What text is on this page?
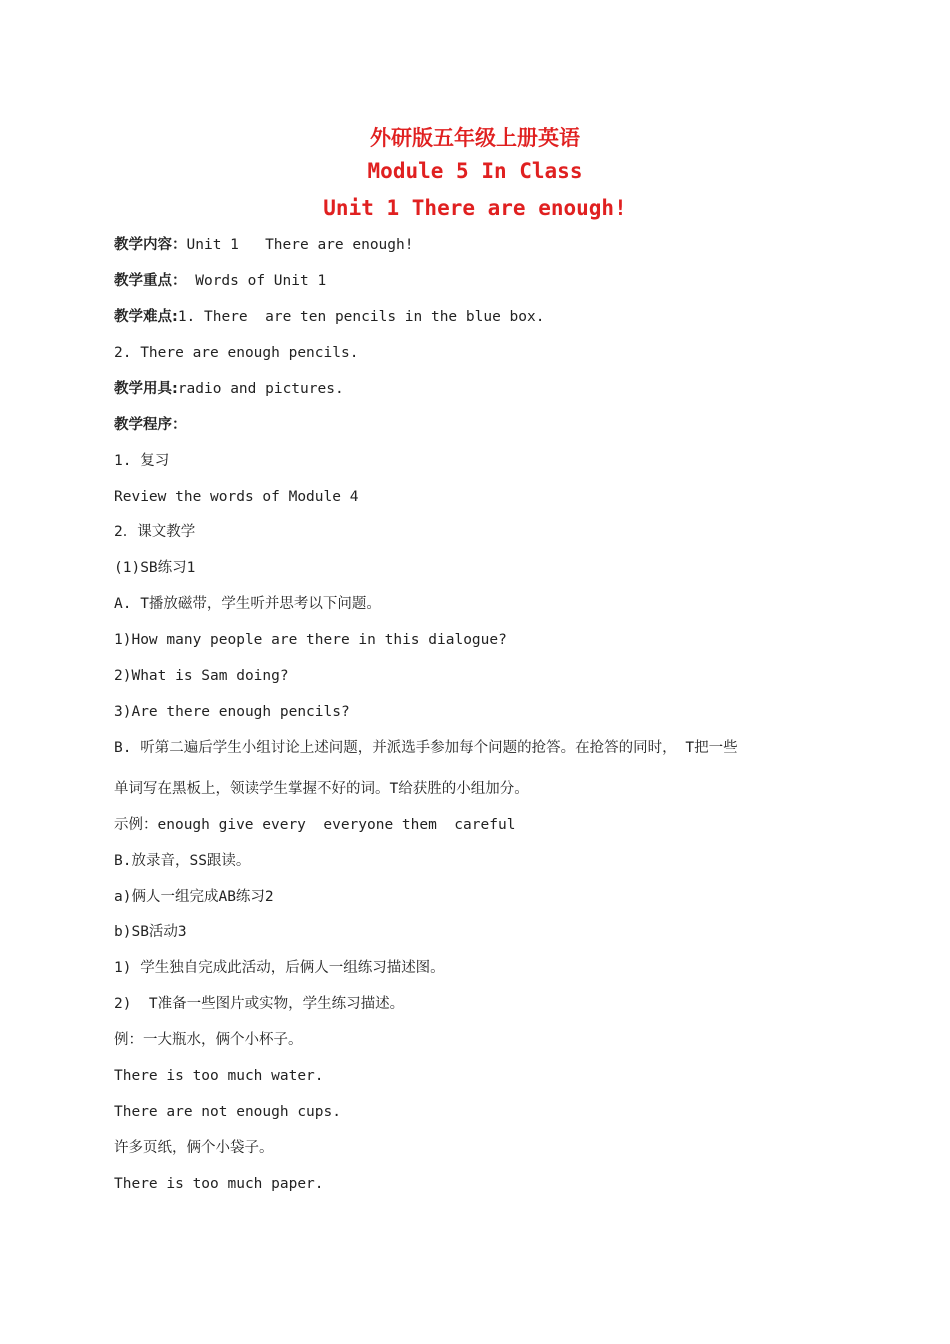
外研版五年级上册英语
Module 5 In Class
Unit 1 There are enough!
教学内容：Unit 1   There are enough!
教学重点： Words of Unit 1
教学难点:1. There  are ten pencils in the blue box.
2. There are enough pencils.
教学用具:radio and pictures.
教学程序：
1. 复习
Review the words of Module 4
2．课文教学
(1)SB练习1
A. T播放磁带，学生听并思考以下问题。
1)How many people are there in this dialogue?
2)What is Sam doing?
3)Are there enough pencils?
B. 听第二遍后学生小组讨论上述问题，并派选手参加每个问题的抢答。在抢答的同时， T把一些
单词写在黑板上，领读学生掌握不好的词。T给获胜的小组加分。
示例：enough give every  everyone them  careful
B.放录音，SS跟读。
a)俩人一组完成AB练习2
b)SB活动3
1) 学生独自完成此活动，后俩人一组练习描述图。
2)  T准备一些图片或实物，学生练习描述。
例：一大瓶水，俩个小杯子。
There is too much water.
There are not enough cups.
许多页纸，俩个小袋子。
There is too much paper.
